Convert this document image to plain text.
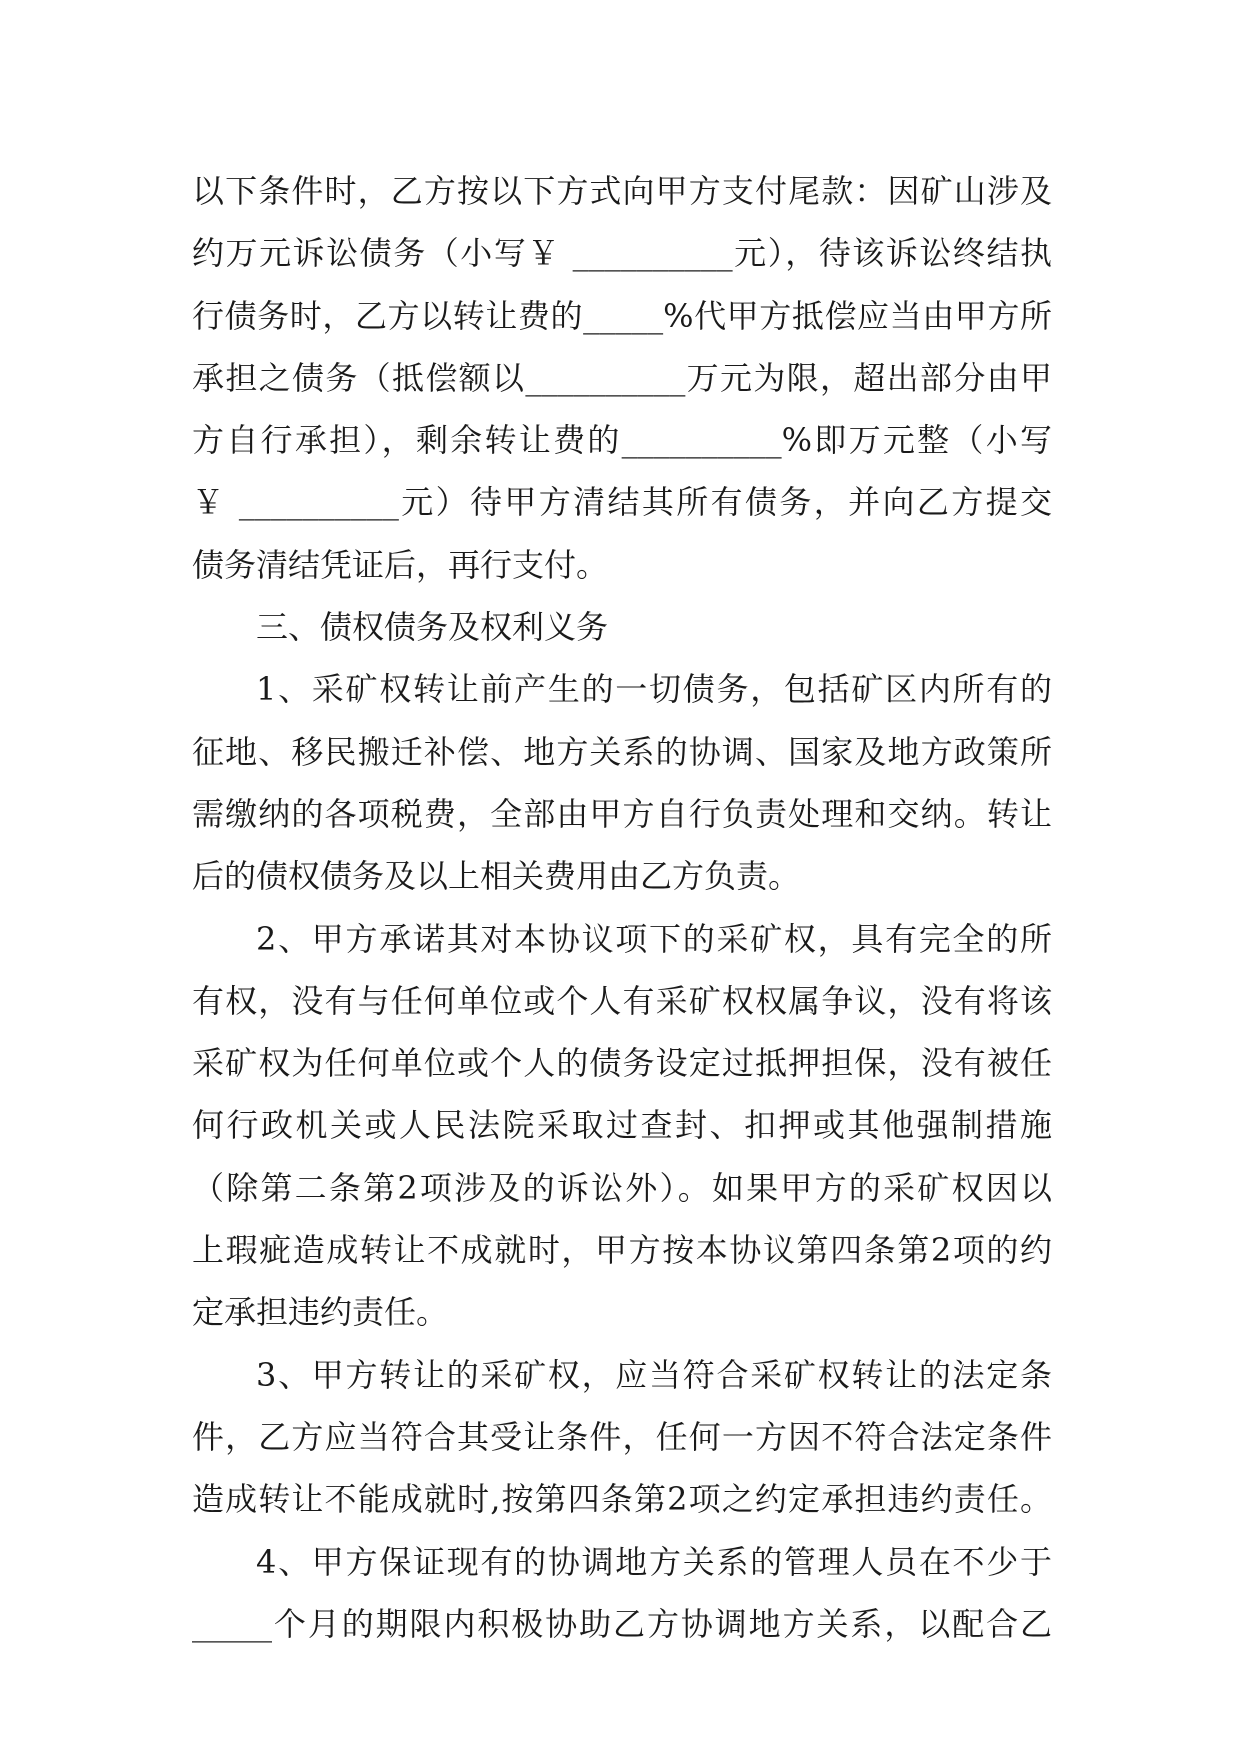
以下条件时，乙方按以下方式向甲方支付尾款：因矿山涉及
约万元诉讼债务（小写￥ __________元），待该诉讼终结执
行债务时，乙方以转让费的_____%代甲方抵偿应当由甲方所
承担之债务（抵偿额以__________万元为限，超出部分由甲
方自行承担），剩余转让费的__________%即万元整（小写
￥ __________元）待甲方清结其所有债务，并向乙方提交
债务清结凭证后，再行支付。
三、债权债务及权利义务
1、采矿权转让前产生的一切债务，包括矿区内所有的
征地、移民搬迁补偿、地方关系的协调、国家及地方政策所
需缴纳的各项税费，全部由甲方自行负责处理和交纳。转让
后的债权债务及以上相关费用由乙方负责。
2、甲方承诺其对本协议项下的采矿权，具有完全的所
有权，没有与任何单位或个人有采矿权权属争议，没有将该
采矿权为任何单位或个人的债务设定过抵押担保，没有被任
何行政机关或人民法院采取过查封、扣押或其他强制措施
（除第二条第2项涉及的诉讼外）。如果甲方的采矿权因以
上瑕疵造成转让不成就时，甲方按本协议第四条第2项的约
定承担违约责任。
3、甲方转让的采矿权，应当符合采矿权转让的法定条
件，乙方应当符合其受让条件，任何一方因不符合法定条件
造成转让不能成就时,按第四条第2项之约定承担违约责任。
4、甲方保证现有的协调地方关系的管理人员在不少于
_____个月的期限内积极协助乙方协调地方关系，以配合乙
